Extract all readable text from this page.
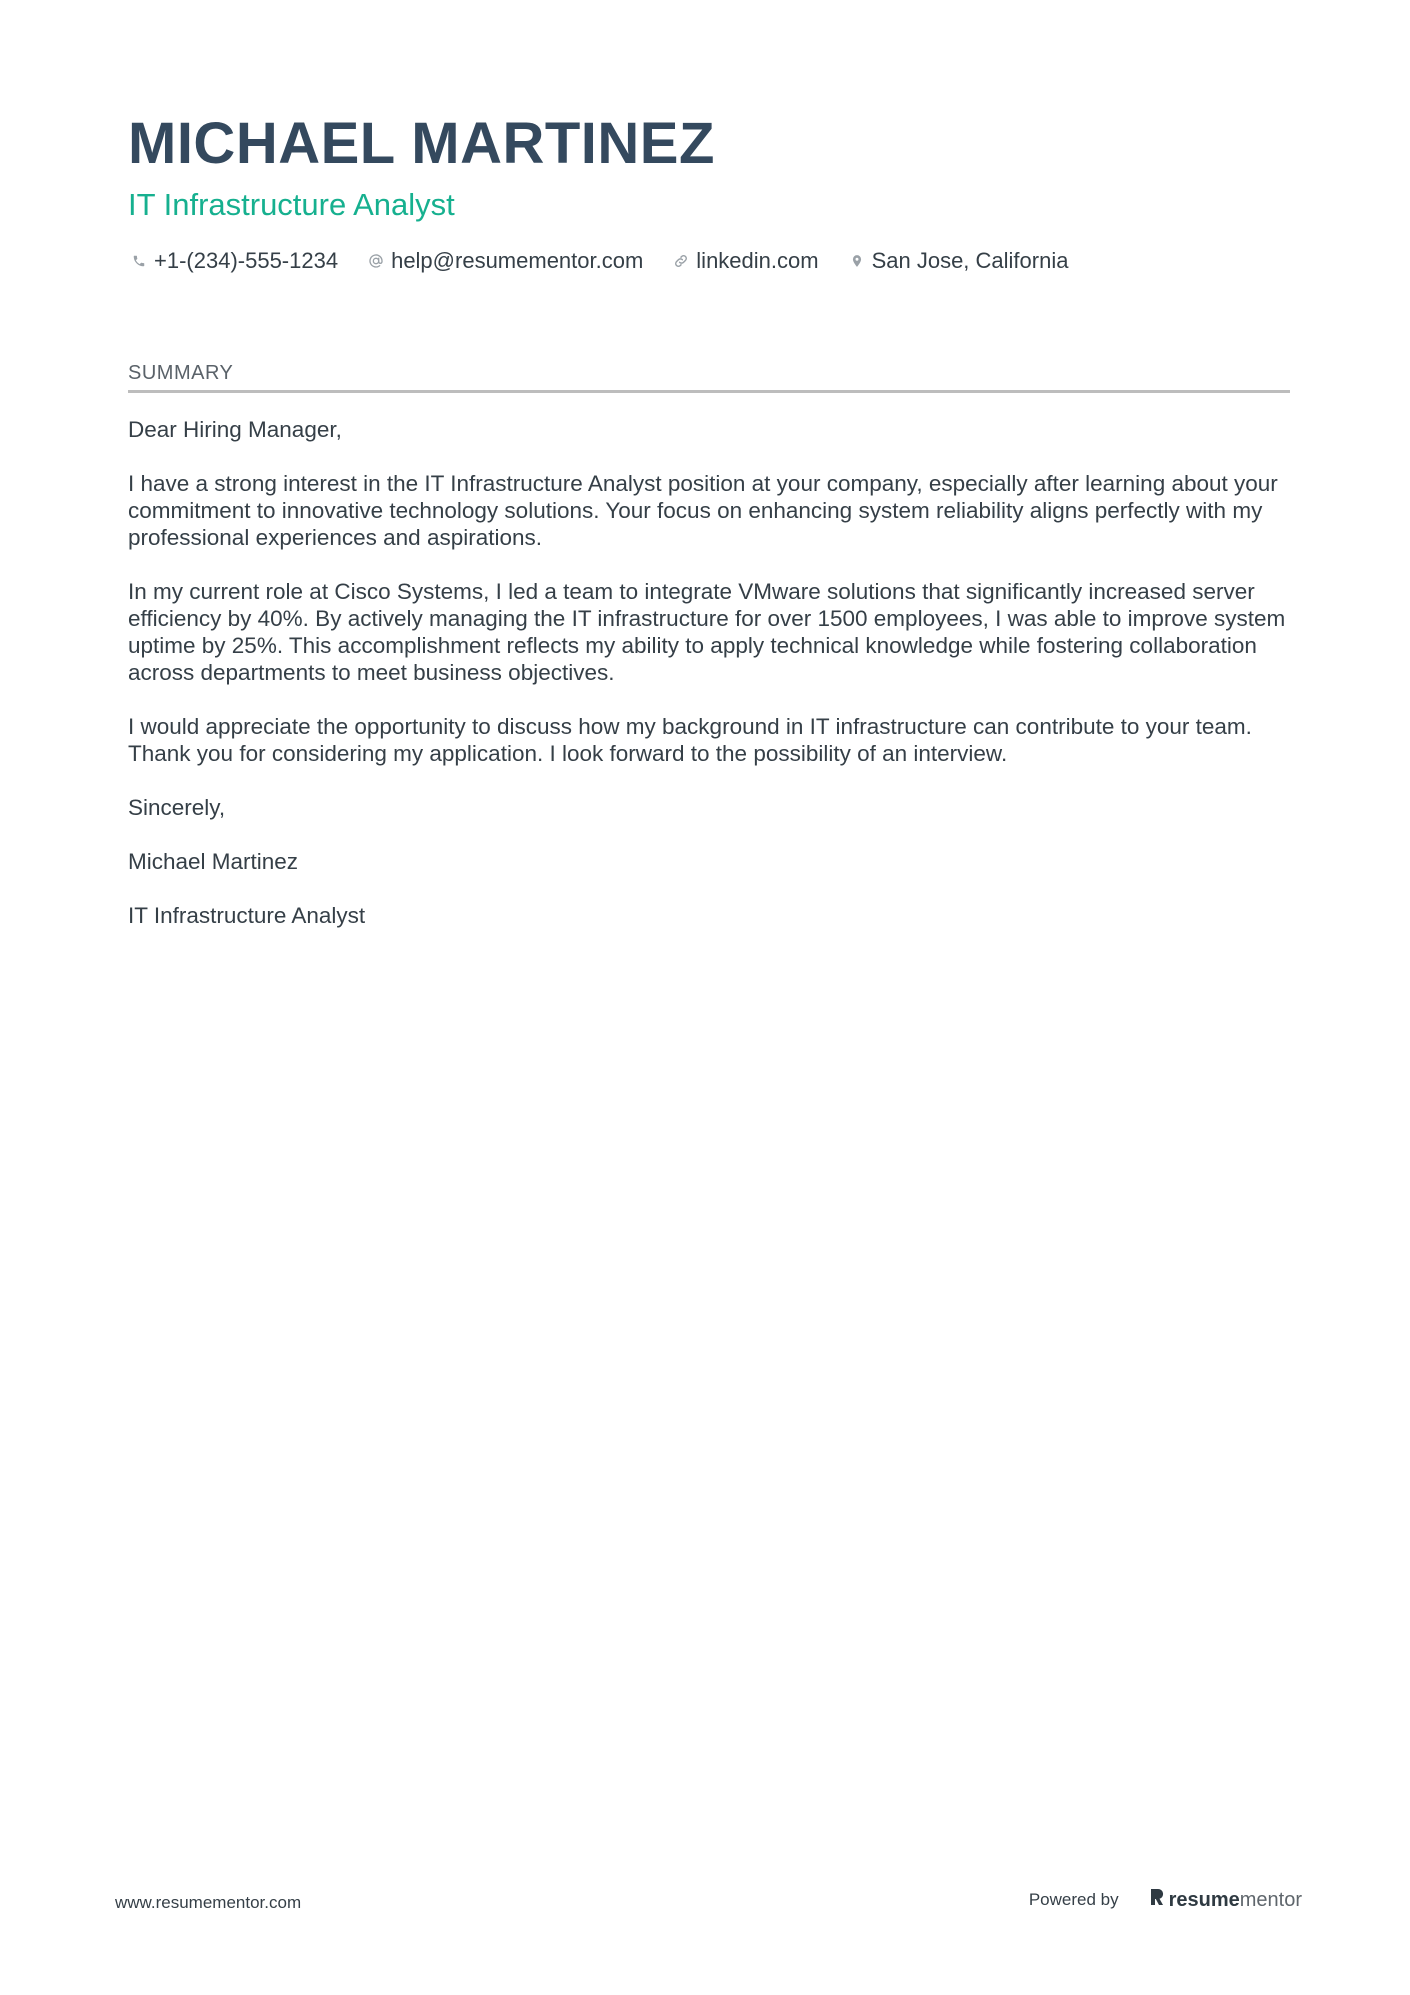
MICHAEL MARTINEZ
IT Infrastructure Analyst
+1-(234)-555-1234 help@resumementor.com linkedin.com San Jose, California
SUMMARY

Dear Hiring Manager,

I have a strong interest in the IT Infrastructure Analyst position at your company, especially after learning about your commitment to innovative technology solutions. Your focus on enhancing system reliability aligns perfectly with my professional experiences and aspirations.

In my current role at Cisco Systems, I led a team to integrate VMware solutions that significantly increased server efficiency by 40%. By actively managing the IT infrastructure for over 1500 employees, I was able to improve system uptime by 25%. This accomplishment reflects my ability to apply technical knowledge while fostering collaboration across departments to meet business objectives.

I would appreciate the opportunity to discuss how my background in IT infrastructure can contribute to your team. Thank you for considering my application. I look forward to the possibility of an interview.

Sincerely,

Michael Martinez

IT Infrastructure Analyst

www.resumementor.com	Powered by	resume mentor
